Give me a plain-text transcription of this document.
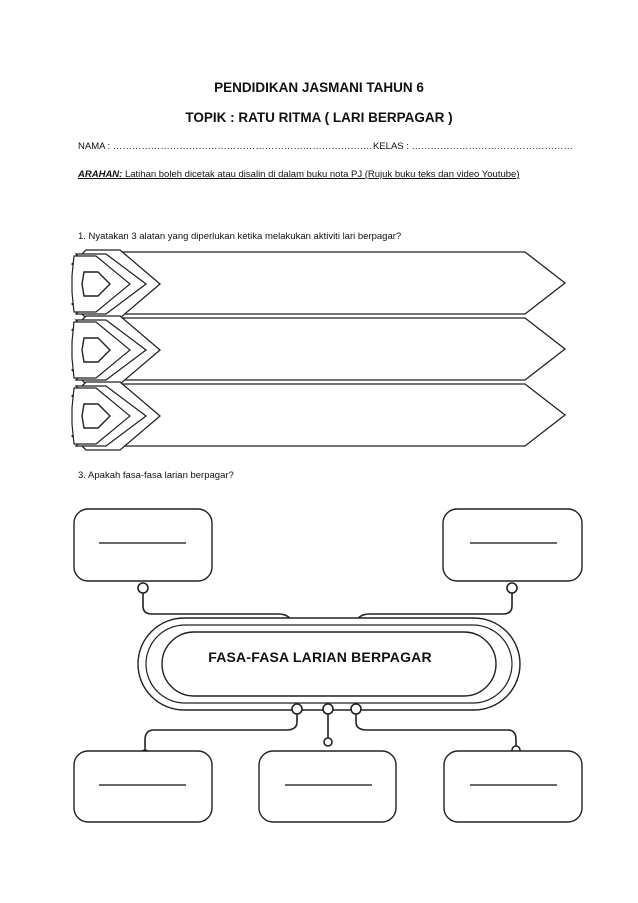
PENDIDIKAN JASMANI TAHUN 6
TOPIK : RATU RITMA ( LARI BERPAGAR )
NAMA : ………………………………………………………………………. KELAS : ……………………………………………
ARAHAN: Latihan boleh dicetak atau disalin di dalam buku nota PJ (Rujuk buku teks dan video Youtube)
1. Nyatakan 3 alatan yang diperlukan ketika melakukan aktiviti lari berpagar?
3. Apakah fasa-fasa larian berpagar?
FASA-FASA LARIAN BERPAGAR
